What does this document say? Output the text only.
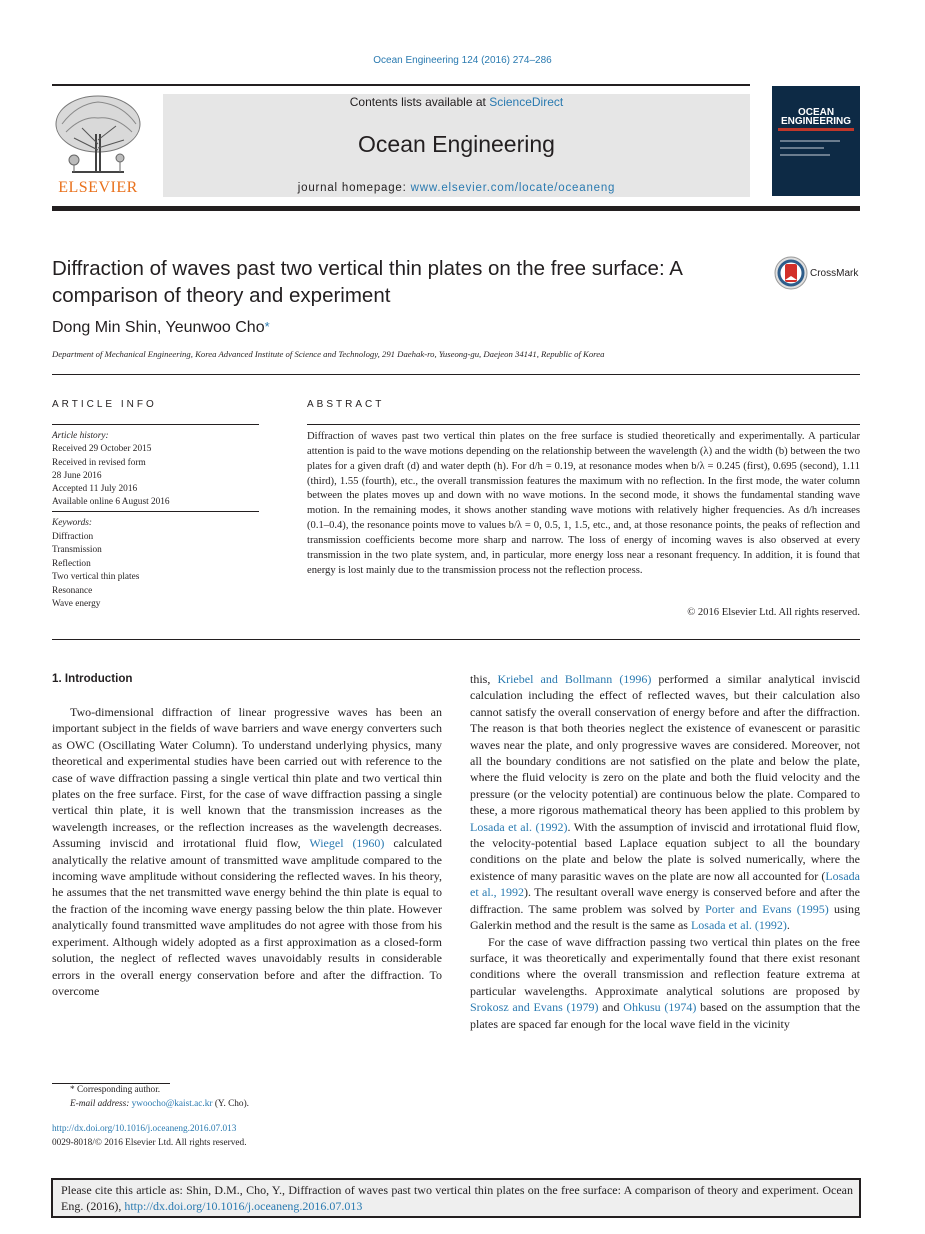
Ocean Engineering 124 (2016) 274–286
ELSEVIER
Contents lists available at ScienceDirect
Ocean Engineering
journal homepage: www.elsevier.com/locate/oceaneng
OCEAN
ENGINEERING
Diffraction of waves past two vertical thin plates on the free surface: A comparison of theory and experiment
CrossMark
Dong Min Shin, Yeunwoo Cho*
Department of Mechanical Engineering, Korea Advanced Institute of Science and Technology, 291 Daehak-ro, Yuseong-gu, Daejeon 34141, Republic of Korea
ARTICLE INFO	ABSTRACT
Article history:
Received 29 October 2015
Received in revised form
28 June 2016
Accepted 11 July 2016
Available online 6 August 2016
Keywords:
Diffraction
Transmission
Reflection
Two vertical thin plates
Resonance
Wave energy
Diffraction of waves past two vertical thin plates on the free surface is studied theoretically and experimentally. A particular attention is paid to the wave motions depending on the relationship between the wavelength (λ) and the width (b) between the two plates for a given draft (d) and water depth (h). For d/h = 0.19, at resonance modes when b/λ = 0.245 (first), 0.695 (second), 1.11 (third), 1.55 (fourth), etc., the overall transmission features the maximum with no reflection. In the first mode, the water column between the plates moves up and down with no wave motions. In the second mode, it shows the fundamental standing wave motion. In the remaining modes, it shows another standing wave motions with relatively higher frequencies. As d/h increases (0.1–0.4), the resonance points move to values b/λ = 0, 0.5, 1, 1.5, etc., and, at those resonance points, the peaks of reflection and transmission coefficients become more sharp and narrow. The loss of energy of incoming waves is also observed at every transmission in the two plate system, and, in particular, more energy loss near a resonant frequency. In addition, it is found that energy is lost mainly due to the transmission process not the reflection process.
© 2016 Elsevier Ltd. All rights reserved.
1. Introduction

Two-dimensional diffraction of linear progressive waves has been an important subject in the fields of wave barriers and wave energy converters such as OWC (Oscillating Water Column). To understand underlying physics, many theoretical and experimental studies have been carried out with reference to the case of wave diffraction passing a single vertical thin plate and two vertical thin plates on the free surface. First, for the case of wave diffraction passing a single vertical thin plate, it is well known that the transmission increases as the wavelength increases, or the reflection increases as the wavelength decreases. Assuming inviscid and irrotational fluid flow, Wiegel (1960) calculated analytically the relative amount of transmitted wave amplitude compared to the incoming wave amplitude without considering the reflected waves. In his theory, he assumes that the net transmitted wave energy behind the thin plate is equal to the fraction of the incoming wave energy passing below the thin plate. However analytically found transmitted wave amplitudes do not agree with those from his experiment. Although widely adopted as a first approximation as a closed-form solution, the neglect of reflected waves unavoidably results in considerable errors in the overall energy conservation before and after the diffraction. To overcome

this, Kriebel and Bollmann (1996) performed a similar analytical inviscid calculation including the effect of reflected waves, but their calculation also cannot satisfy the overall conservation of energy before and after the diffraction. The reason is that both theories neglect the existence of evanescent or parasitic waves near the plate, and only progressive waves are considered. Moreover, not all the boundary conditions are not satisfied on the plate and below the plate, where the fluid velocity is zero on the plate and both the fluid velocity and the pressure (or the velocity potential) are continuous below the plate. Compared to these, a more rigorous mathematical theory has been applied to this problem by Losada et al. (1992). With the assumption of inviscid and irrotational fluid flow, the velocity-potential based Laplace equation subject to all the boundary conditions on the plate and below the plate is solved numerically, where the existence of many parasitic waves on the plate are now all accounted for (Losada et al., 1992). The resultant overall wave energy is conserved before and after the diffraction. The same problem was solved by Porter and Evans (1995) using Galerkin method and the result is the same as Losada et al. (1992).

For the case of wave diffraction passing two vertical thin plates on the free surface, it was theoretically and experimentally found that there exist resonant conditions where the overall transmission and reflection feature extrema at particular wavelengths. Approximate analytical solutions are proposed by Srokosz and Evans (1979) and Ohkusu (1974) based on the assumption that the plates are spaced far enough for the local wave field in the vicinity

* Corresponding author.
E-mail address: ywoocho@kaist.ac.kr (Y. Cho).
http://dx.doi.org/10.1016/j.oceaneng.2016.07.013
0029-8018/© 2016 Elsevier Ltd. All rights reserved.
Please cite this article as: Shin, D.M., Cho, Y., Diffraction of waves past two vertical thin plates on the free surface: A comparison of theory and experiment. Ocean Eng. (2016), http://dx.doi.org/10.1016/j.oceaneng.2016.07.013
